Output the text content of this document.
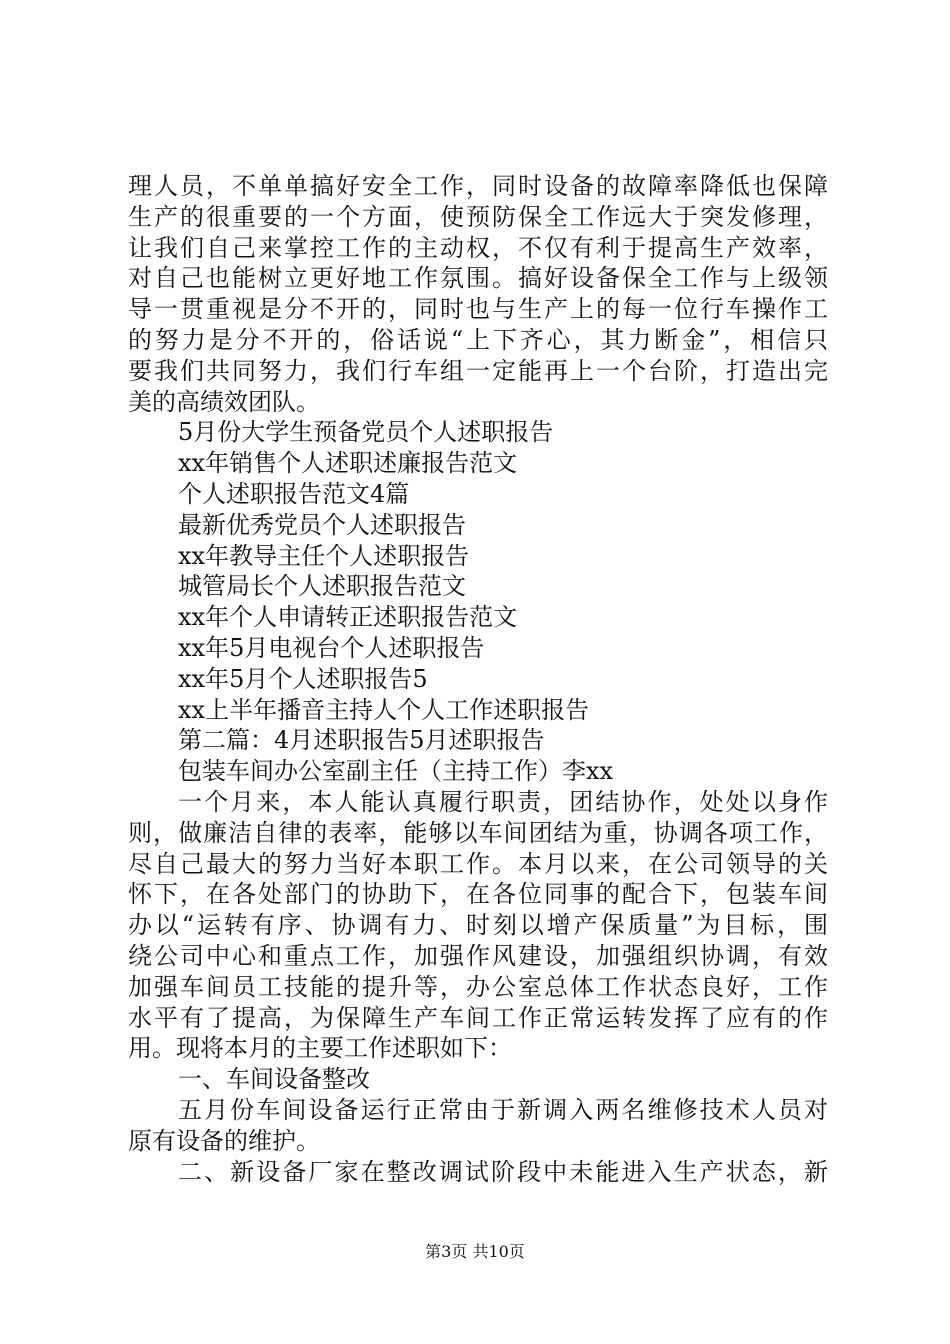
理人员，不单单搞好安全工作，同时设备的故障率降低也保障
生产的很重要的一个方面，使预防保全工作远大于突发修理，
让我们自己来掌控工作的主动权，不仅有利于提高生产效率，
对自己也能树立更好地工作氛围。搞好设备保全工作与上级领
导一贯重视是分不开的，同时也与生产上的每一位行车操作工
的努力是分不开的，俗话说“上下齐心，其力断金”，相信只
要我们共同努力，我们行车组一定能再上一个台阶，打造出完
美的高绩效团队。
5月份大学生预备党员个人述职报告
xx年销售个人述职述廉报告范文
个人述职报告范文4篇
最新优秀党员个人述职报告
xx年教导主任个人述职报告
城管局长个人述职报告范文
xx年个人申请转正述职报告范文
xx年5月电视台个人述职报告
xx年5月个人述职报告5
xx上半年播音主持人个人工作述职报告
第二篇：4月述职报告5月述职报告
包装车间办公室副主任（主持工作）李xx
一个月来，本人能认真履行职责，团结协作，处处以身作
则，做廉洁自律的表率，能够以车间团结为重，协调各项工作，
尽自己最大的努力当好本职工作。本月以来，在公司领导的关
怀下，在各处部门的协助下，在各位同事的配合下，包装车间
办以“运转有序、协调有力、时刻以增产保质量”为目标，围
绕公司中心和重点工作，加强作风建设，加强组织协调，有效
加强车间员工技能的提升等，办公室总体工作状态良好，工作
水平有了提高，为保障生产车间工作正常运转发挥了应有的作
用。现将本月的主要工作述职如下：
一、车间设备整改
五月份车间设备运行正常由于新调入两名维修技术人员对
原有设备的维护。
二、新设备厂家在整改调试阶段中未能进入生产状态，新
第3页 共10页
